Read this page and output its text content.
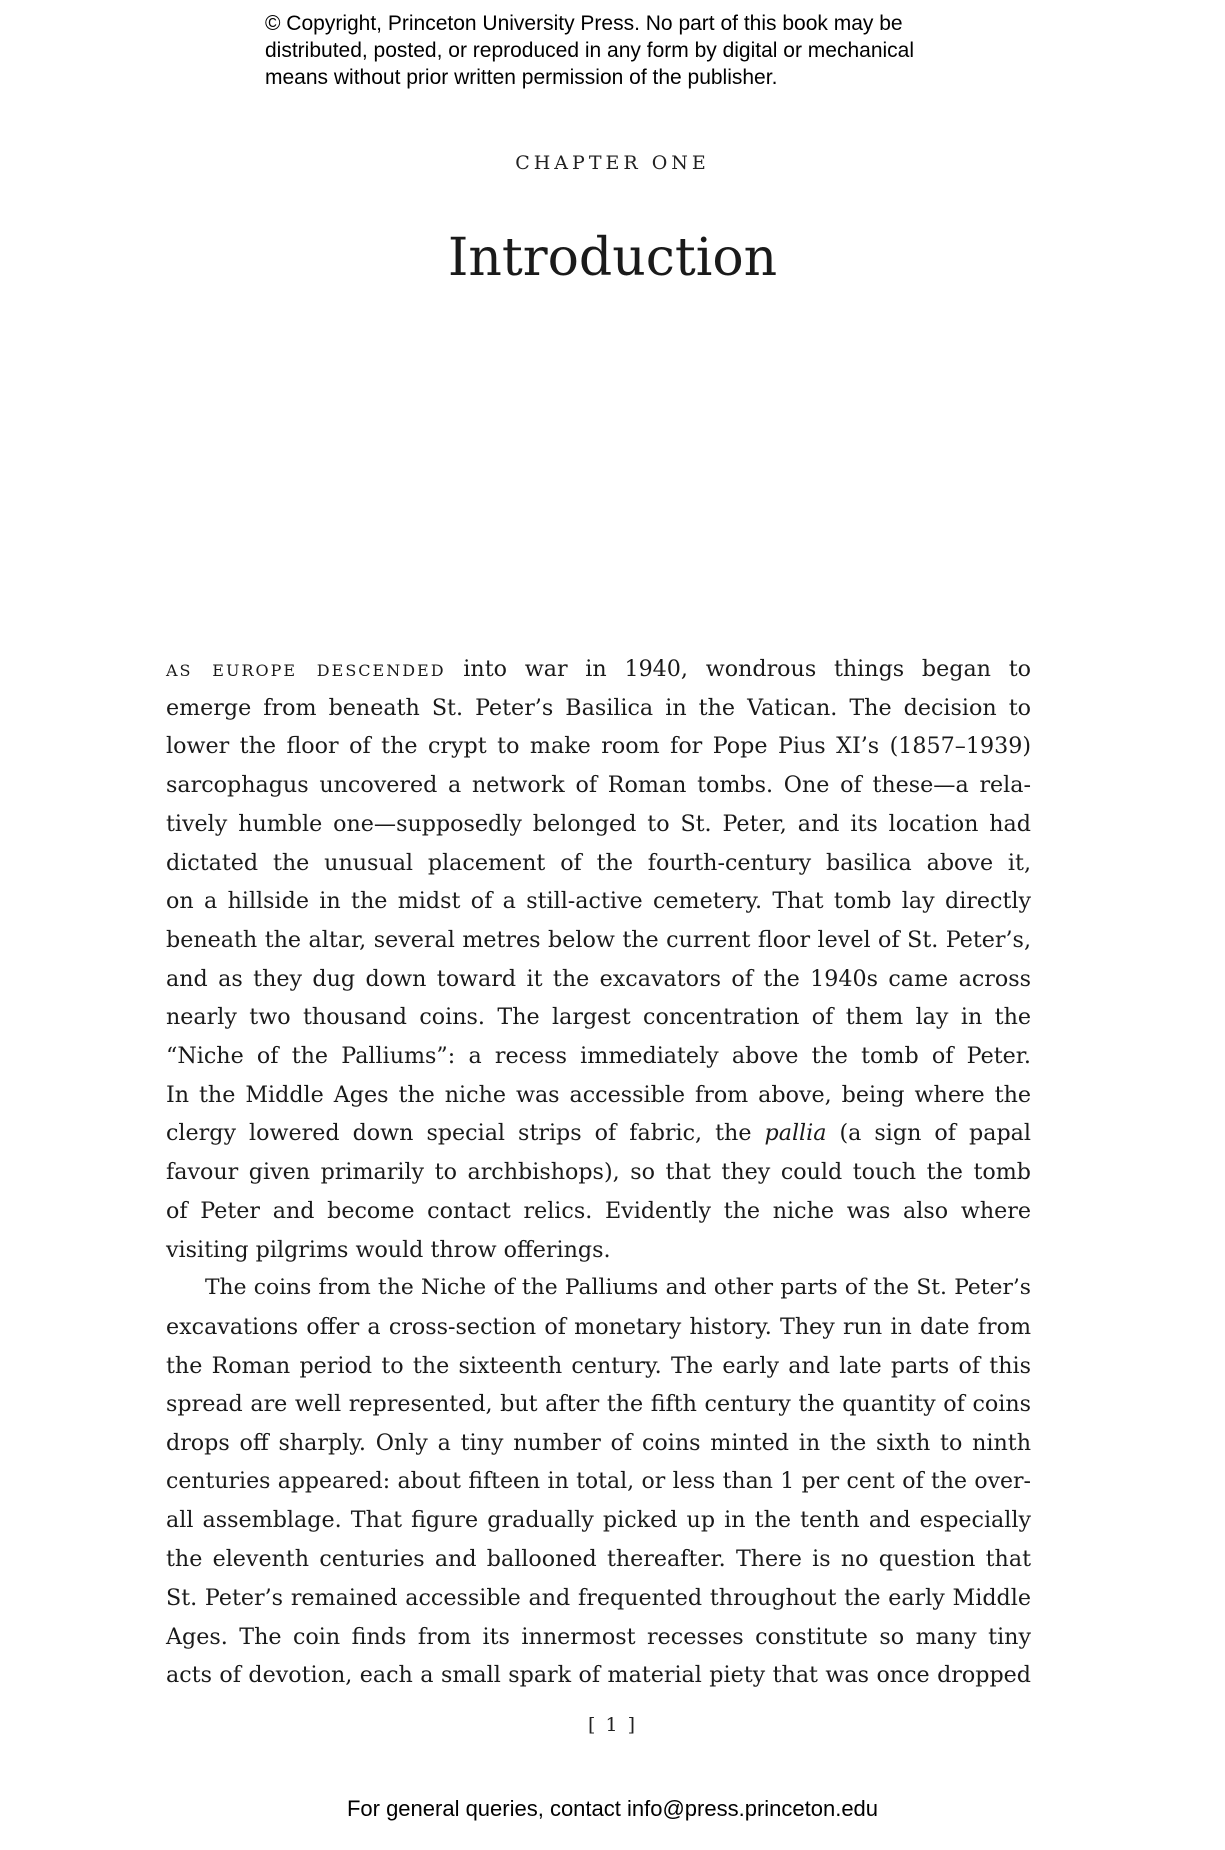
© Copyright, Princeton University Press. No part of this book may be
distributed, posted, or reproduced in any form by digital or mechanical
means without prior written permission of the publisher.
CHAPTER ONE
Introduction
as europe descended into war in 1940, wondrous things began to
emerge from beneath St. Peter’s Basilica in the Vatican. The decision to
lower the floor of the crypt to make room for Pope Pius XI’s (1857–1939)
sarcophagus uncovered a network of Roman tombs. One of these—a rela-
tively humble one—supposedly belonged to St. Peter, and its location had
dictated the unusual placement of the fourth-century basilica above it,
on a hillside in the midst of a still-active cemetery. That tomb lay directly
beneath the altar, several metres below the current floor level of St. Peter’s,
and as they dug down toward it the excavators of the 1940s came across
nearly two thousand coins. The largest concentration of them lay in the
“Niche of the Palliums”: a recess immediately above the tomb of Peter.
In the Middle Ages the niche was accessible from above, being where the
clergy lowered down special strips of fabric, the pallia (a sign of papal
favour given primarily to archbishops), so that they could touch the tomb
of Peter and become contact relics. Evidently the niche was also where
visiting pilgrims would throw offerings.
The coins from the Niche of the Palliums and other parts of the St. Peter’s
excavations offer a cross-section of monetary history. They run in date from
the Roman period to the sixteenth century. The early and late parts of this
spread are well represented, but after the fifth century the quantity of coins
drops off sharply. Only a tiny number of coins minted in the sixth to ninth
centuries appeared: about fifteen in total, or less than 1 per cent of the over-
all assemblage. That figure gradually picked up in the tenth and especially
the eleventh centuries and ballooned thereafter. There is no question that
St. Peter’s remained accessible and frequented throughout the early Middle
Ages. The coin finds from its innermost recesses constitute so many tiny
acts of devotion, each a small spark of material piety that was once dropped
[ 1 ]
For general queries, contact info@press.princeton.edu
